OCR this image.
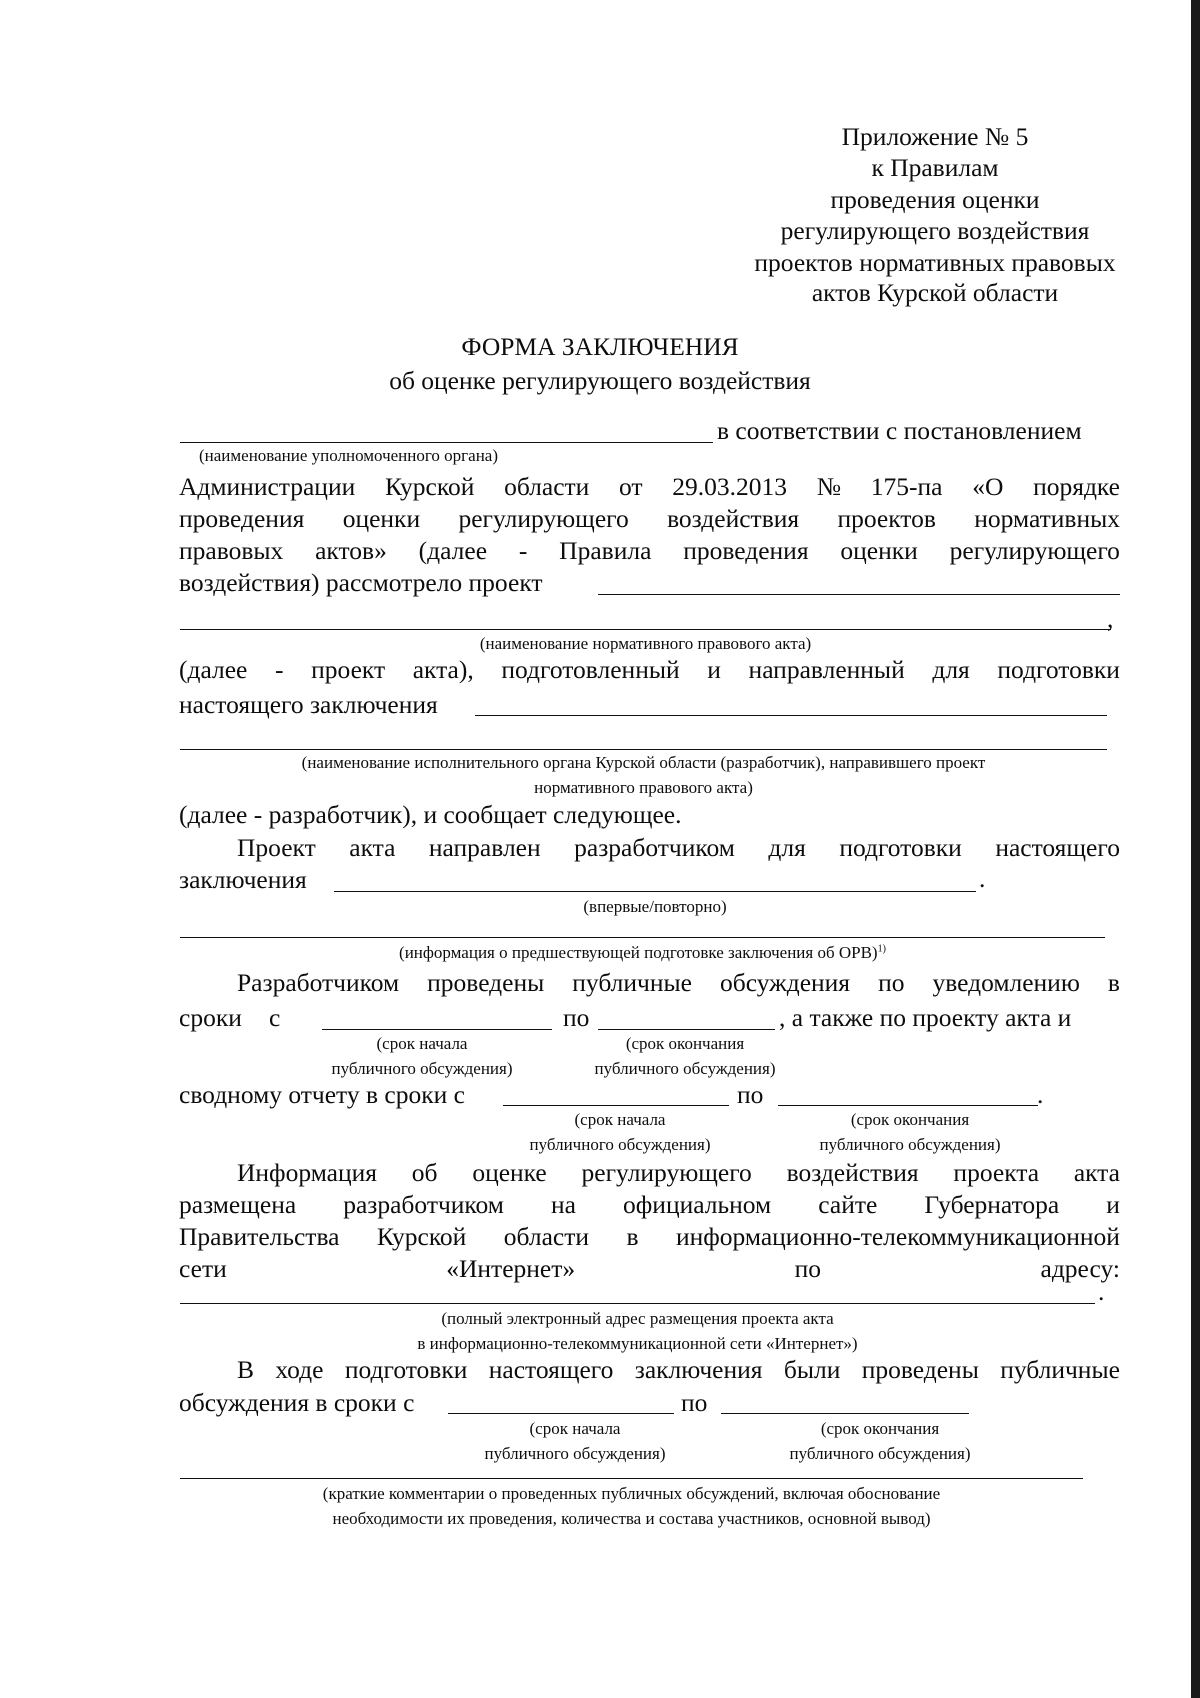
Приложение № 5
к Правилам
проведения оценки
регулирующего воздействия
проектов нормативных правовых
актов Курской области
ФОРМА ЗАКЛЮЧЕНИЯ
об оценке регулирующего воздействия
в соответствии с постановлением
(наименование уполномоченного органа)
Администрации Курской области от 29.03.2013 № 175-па «О порядке
проведения оценки регулирующего воздействия проектов нормативных
правовых актов» (далее - Правила проведения оценки регулирующего
воздействия) рассмотрело проект
,
(наименование нормативного правового акта)
(далее - проект акта), подготовленный и направленный для подготовки
настоящего заключения
(наименование исполнительного органа Курской области (разработчик), направившего проект
нормативного правового акта)
(далее - разработчик), и сообщает следующее.
Проект акта направлен разработчиком для подготовки настоящего
заключения	.
(впервые/повторно)
(информация о предшествующей подготовке заключения об ОРВ)$^{1)}$
Разработчиком проведены публичные обсуждения по уведомлению в
сроки с	по	, а также по проекту акта и
(срок начала
публичного обсуждения)
(срок окончания
публичного обсуждения)
сводному отчету в сроки с	по	.
(срок начала
публичного обсуждения)
(срок окончания
публичного обсуждения)
Информация об оценке регулирующего воздействия проекта акта
размещена разработчиком на официальном сайте Губернатора и
Правительства Курской области в информационно-телекоммуникационной
сети	«Интернет»	по	адресу:
.
(полный электронный адрес размещения проекта акта
в информационно-телекоммуникационной сети «Интернет»)
В ходе подготовки настоящего заключения были проведены публичные
обсуждения в сроки с	по
(срок начала
публичного обсуждения)
(срок окончания
публичного обсуждения)
(краткие комментарии о проведенных публичных обсуждений, включая обоснование
необходимости их проведения, количества и состава участников, основной вывод)
